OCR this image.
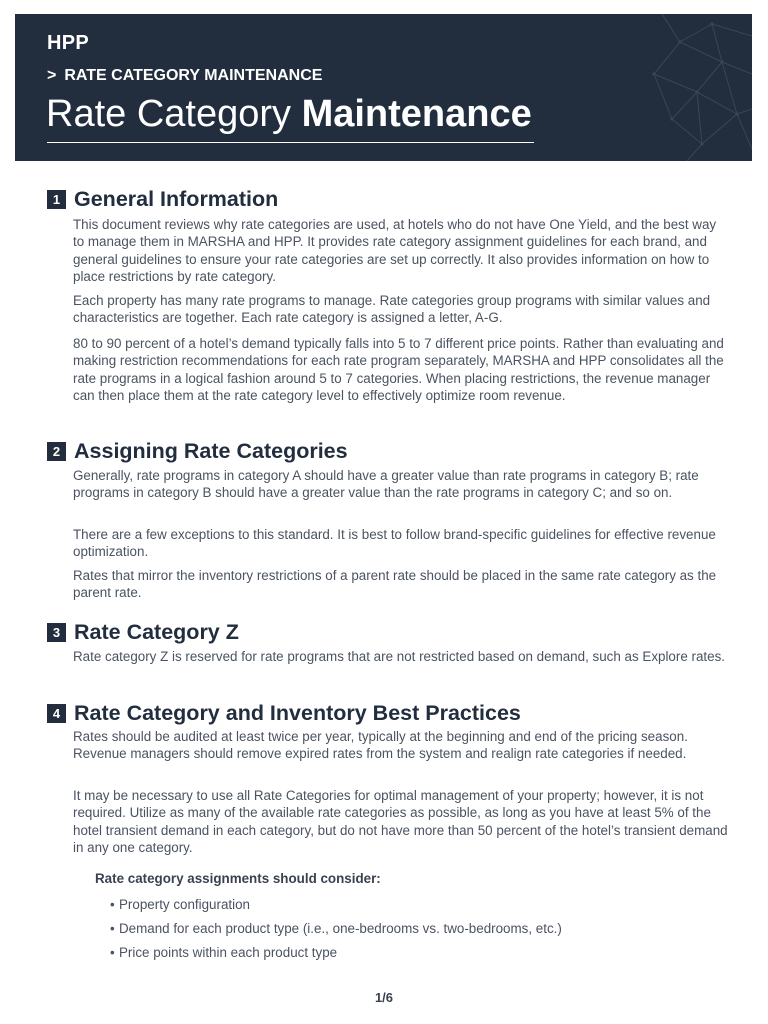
HPP
> RATE CATEGORY MAINTENANCE
Rate Category Maintenance
1 General Information

This document reviews why rate categories are used, at hotels who do not have One Yield, and the best way to manage them in MARSHA and HPP. It provides rate category assignment guidelines for each brand, and general guidelines to ensure your rate categories are set up correctly. It also provides information on how to place restrictions by rate category.

Each property has many rate programs to manage. Rate categories group programs with similar values and characteristics are together. Each rate category is assigned a letter, A-G.

80 to 90 percent of a hotel’s demand typically falls into 5 to 7 different price points. Rather than evaluating and making restriction recommendations for each rate program separately, MARSHA and HPP consolidates all the rate programs in a logical fashion around 5 to 7 categories. When placing restrictions, the revenue manager can then place them at the rate category level to effectively optimize room revenue.

2 Assigning Rate Categories

Generally, rate programs in category A should have a greater value than rate programs in category B; rate programs in category B should have a greater value than the rate programs in category C; and so on.

There are a few exceptions to this standard. It is best to follow brand-specific guidelines for effective revenue optimization.

Rates that mirror the inventory restrictions of a parent rate should be placed in the same rate category as the parent rate.

3 Rate Category Z

Rate category Z is reserved for rate programs that are not restricted based on demand, such as Explore rates.

4 Rate Category and Inventory Best Practices

Rates should be audited at least twice per year, typically at the beginning and end of the pricing season. Revenue managers should remove expired rates from the system and realign rate categories if needed.

It may be necessary to use all Rate Categories for optimal management of your property; however, it is not required. Utilize as many of the available rate categories as possible, as long as you have at least 5% of the hotel transient demand in each category, but do not have more than 50 percent of the hotel’s transient demand in any one category.

Rate category assignments should consider:
• Property configuration
• Demand for each product type (i.e., one-bedrooms vs. two-bedrooms, etc.)
• Price points within each product type
1/6
